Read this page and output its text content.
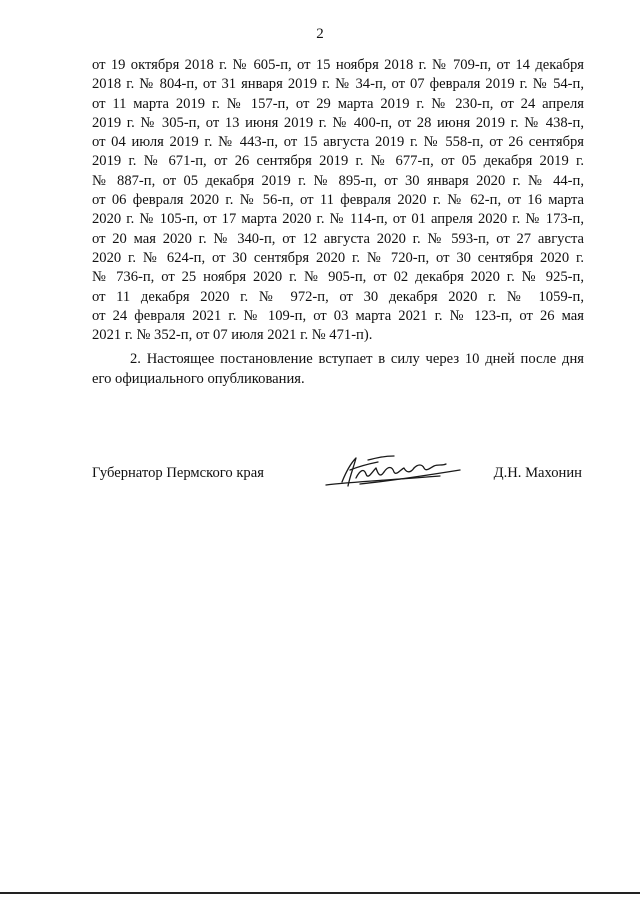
2
от 19 октября 2018 г. № 605-п, от 15 ноября 2018 г. № 709-п, от 14 декабря
2018 г. № 804-п, от 31 января 2019 г. № 34-п, от 07 февраля 2019 г. № 54-п,
от 11 марта 2019 г. № 157-п, от 29 марта 2019 г. № 230-п, от 24 апреля
2019 г. № 305-п, от 13 июня 2019 г. № 400-п, от 28 июня 2019 г. № 438-п,
от 04 июля 2019 г. № 443-п, от 15 августа 2019 г. № 558-п, от 26 сентября
2019 г. № 671-п, от 26 сентября 2019 г. № 677-п, от 05 декабря 2019 г.
№ 887-п, от 05 декабря 2019 г. № 895-п, от 30 января 2020 г. № 44-п,
от 06 февраля 2020 г. № 56-п, от 11 февраля 2020 г. № 62-п, от 16 марта
2020 г. № 105-п, от 17 марта 2020 г. № 114-п, от 01 апреля 2020 г. № 173-п,
от 20 мая 2020 г. № 340-п, от 12 августа 2020 г. № 593-п, от 27 августа
2020 г. № 624-п, от 30 сентября 2020 г. № 720-п, от 30 сентября 2020 г.
№ 736-п, от 25 ноября 2020 г. № 905-п, от 02 декабря 2020 г. № 925-п,
от 11 декабря 2020 г. № 972-п, от 30 декабря 2020 г. № 1059-п,
от 24 февраля 2021 г. № 109-п, от 03 марта 2021 г. № 123-п, от 26 мая
2021 г. № 352-п, от 07 июля 2021 г. № 471-п).
2. Настоящее постановление вступает в силу через 10 дней после дня
его официального опубликования.
Губернатор Пермского края	Д.Н. Махонин
